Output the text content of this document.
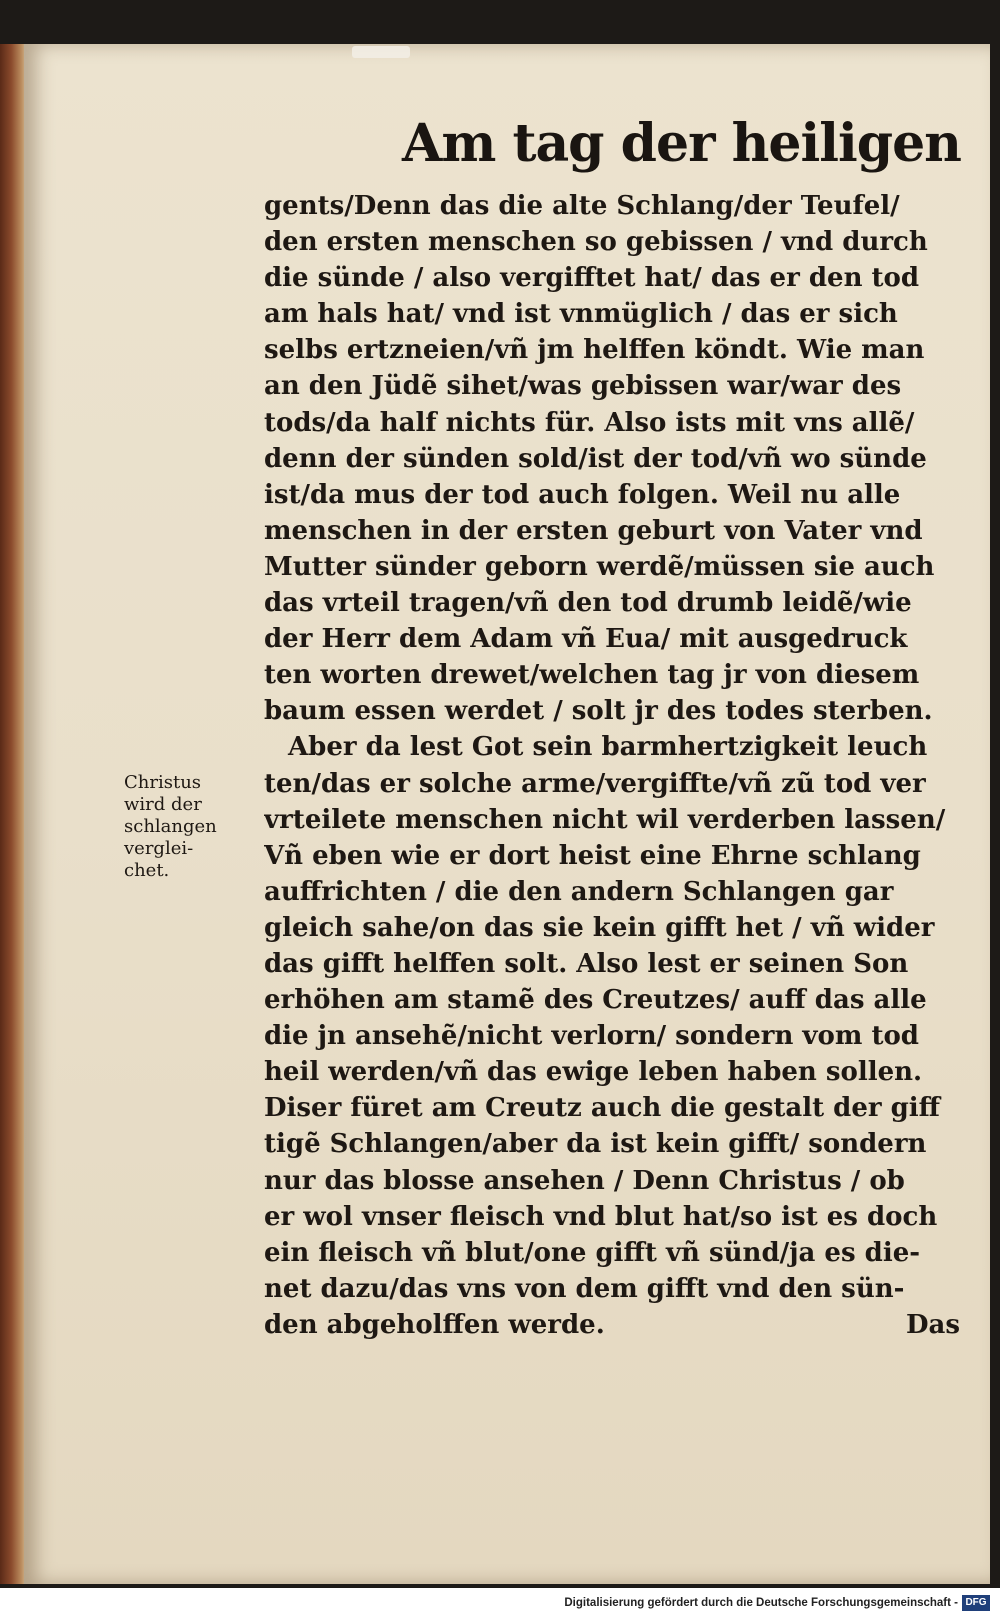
Am tag der heiligen
gents/Denn das die alte Schlang/der Teufel/
den ersten menschen so gebissen / vnd durch
die sünde / also vergifftet hat/ das er den tod
am hals hat/ vnd ist vnmüglich / das er sich
selbs ertzneien/vñ jm helffen köndt. Wie man
an den Jüdẽ sihet/was gebissen war/war des
tods/da half nichts für. Also ists mit vns allẽ/
denn der sünden sold/ist der tod/vñ wo sünde
ist/da mus der tod auch folgen. Weil nu alle
menschen in der ersten geburt von Vater vnd
Mutter sünder geborn werdẽ/müssen sie auch
das vrteil tragen/vñ den tod drumb leidẽ/wie
der Herr dem Adam vñ Eua/ mit ausgedruck
ten worten drewet/welchen tag jr von diesem
baum essen werdet / solt jr des todes sterben.
Aber da lest Got sein barmhertzigkeit leuch
ten/das er solche arme/vergiffte/vñ zũ tod ver
vrteilete menschen nicht wil verderben lassen/
Vñ eben wie er dort heist eine Ehrne schlang
auffrichten / die den andern Schlangen gar
gleich sahe/on das sie kein gifft het / vñ wider
das gifft helffen solt. Also lest er seinen Son
erhöhen am stamẽ des Creutzes/ auff das alle
die jn ansehẽ/nicht verlorn/ sondern vom tod
heil werden/vñ das ewige leben haben sollen.
Diser füret am Creutz auch die gestalt der giff
tigẽ Schlangen/aber da ist kein gifft/ sondern
nur das blosse ansehen / Denn Christus / ob
er wol vnser fleisch vnd blut hat/so ist es doch
ein fleisch vñ blut/one gifft vñ sünd/ja es die-
net dazu/das vns von dem gifft vnd den sün-
den abgeholffen werde.	Das
Christus
wird der
schlangen
verglei-
chet.
Digitalisierung gefördert durch die Deutsche Forschungsgemeinschaft - DFG
